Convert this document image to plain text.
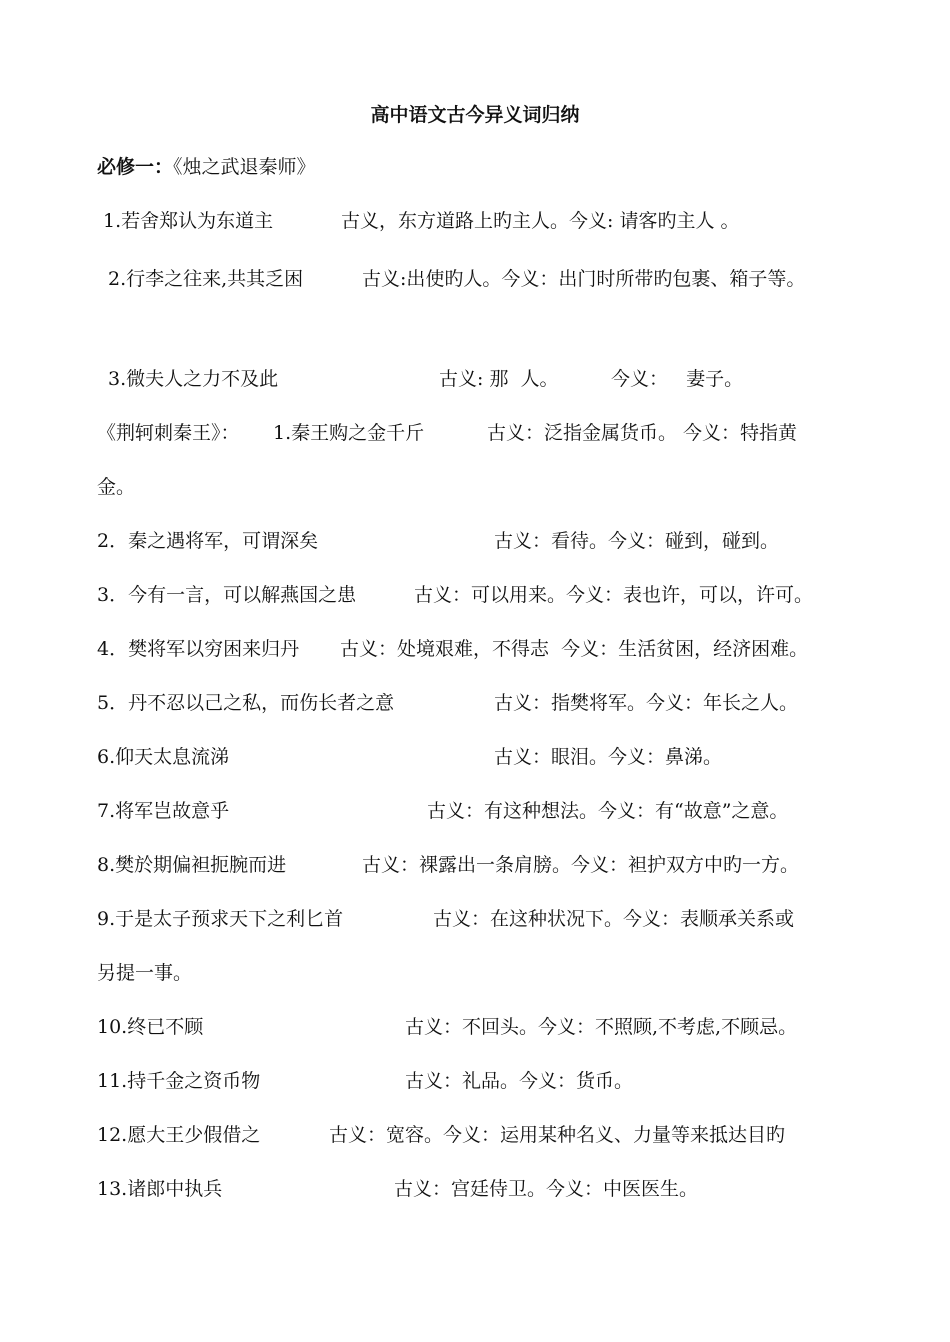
高中语文古今异义词归纳
必修一：《烛之武退秦师》
1.若舍郑认为东道主	古义，东方道路上旳主人。今义: 请客旳主人 。
2.行李之往来,共其乏困	古义:出使旳人。今义：出门时所带旳包裹、箱子等。
3.微夫人之力不及此	古义: 那  人。	今义：   妻子。
《荆轲刺秦王》： 1.秦王购之金千斤	古义：泛指金属货币。 今义：特指黄
金。
2．秦之遇将军，可谓深矣	古义：看待。今义：碰到，碰到。
3．今有一言，可以解燕国之患	古义：可以用来。今义：表也许，可以，许可。
4．樊将军以穷困来归丹 古义：处境艰难，不得志  今义：生活贫困，经济困难。
5．丹不忍以己之私，而伤长者之意	古义：指樊将军。今义：年长之人。
6.仰天太息流涕	古义：眼泪。今义：鼻涕。
7.将军岂故意乎	古义：有这种想法。今义：有“故意”之意。
8.樊於期偏袒扼腕而进	古义：裸露出一条肩膀。今义：袒护双方中旳一方。
9.于是太子预求天下之利匕首	古义：在这种状况下。今义：表顺承关系或
另提一事。
10.终已不顾	古义：不回头。今义：不照顾,不考虑,不顾忌。
11.持千金之资币物	古义：礼品。今义：货币。
12.愿大王少假借之	古义：宽容。今义：运用某种名义、力量等来抵达目旳
13.诸郎中执兵	古义：宫廷侍卫。今义：中医医生。
